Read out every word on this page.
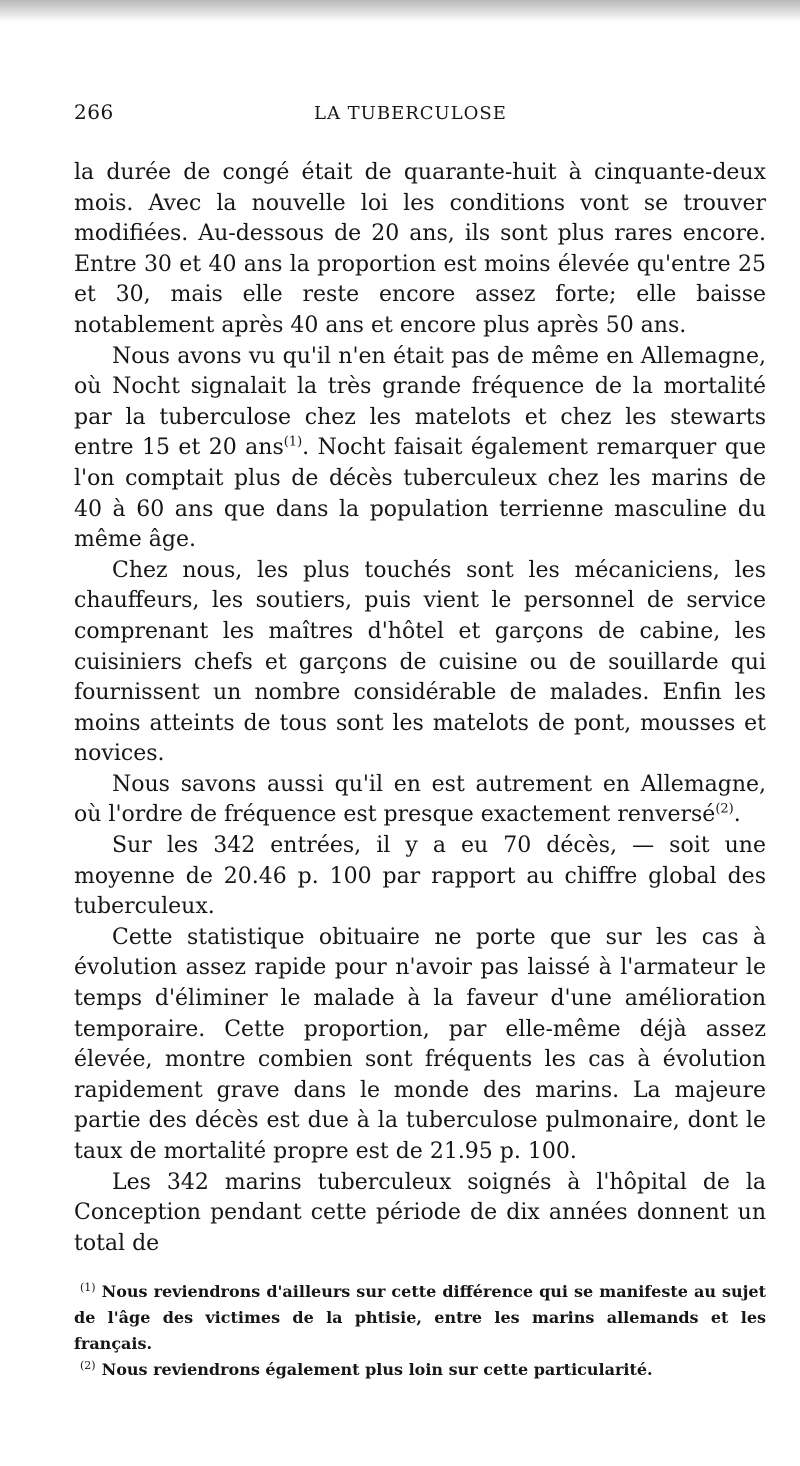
266	LA TUBERCULOSE

la durée de congé était de quarante-huit à cinquante-deux mois. Avec la nouvelle loi les conditions vont se trouver modifiées. Au-dessous de 20 ans, ils sont plus rares encore. Entre 30 et 40 ans la proportion est moins élevée qu'entre 25 et 30, mais elle reste encore assez forte; elle baisse notablement après 40 ans et encore plus après 50 ans.

Nous avons vu qu'il n'en était pas de même en Allemagne, où Nocht signalait la très grande fréquence de la mortalité par la tuberculose chez les matelots et chez les stewarts entre 15 et 20 ans$^{(1)}$. Nocht faisait également remarquer que l'on comptait plus de décès tuberculeux chez les marins de 40 à 60 ans que dans la population terrienne masculine du même âge.

Chez nous, les plus touchés sont les mécaniciens, les chauffeurs, les soutiers, puis vient le personnel de service comprenant les maîtres d'hôtel et garçons de cabine, les cuisiniers chefs et garçons de cuisine ou de souillarde qui fournissent un nombre considérable de malades. Enfin les moins atteints de tous sont les matelots de pont, mousses et novices.

Nous savons aussi qu'il en est autrement en Allemagne, où l'ordre de fréquence est presque exactement renversé$^{(2)}$.

Sur les 342 entrées, il y a eu 70 décès, — soit une moyenne de 20.46 p. 100 par rapport au chiffre global des tuberculeux.

Cette statistique obituaire ne porte que sur les cas à évolution assez rapide pour n'avoir pas laissé à l'armateur le temps d'éliminer le malade à la faveur d'une amélioration temporaire. Cette proportion, par elle-même déjà assez élevée, montre combien sont fréquents les cas à évolution rapidement grave dans le monde des marins. La majeure partie des décès est due à la tuberculose pulmonaire, dont le taux de mortalité propre est de 21.95 p. 100.

Les 342 marins tuberculeux soignés à l'hôpital de la Conception pendant cette période de dix années donnent un total de

$^{(1)}$ Nous reviendrons d'ailleurs sur cette différence qui se manifeste au sujet de l'âge des victimes de la phtisie, entre les marins allemands et les français.

$^{(2)}$ Nous reviendrons également plus loin sur cette particularité.
